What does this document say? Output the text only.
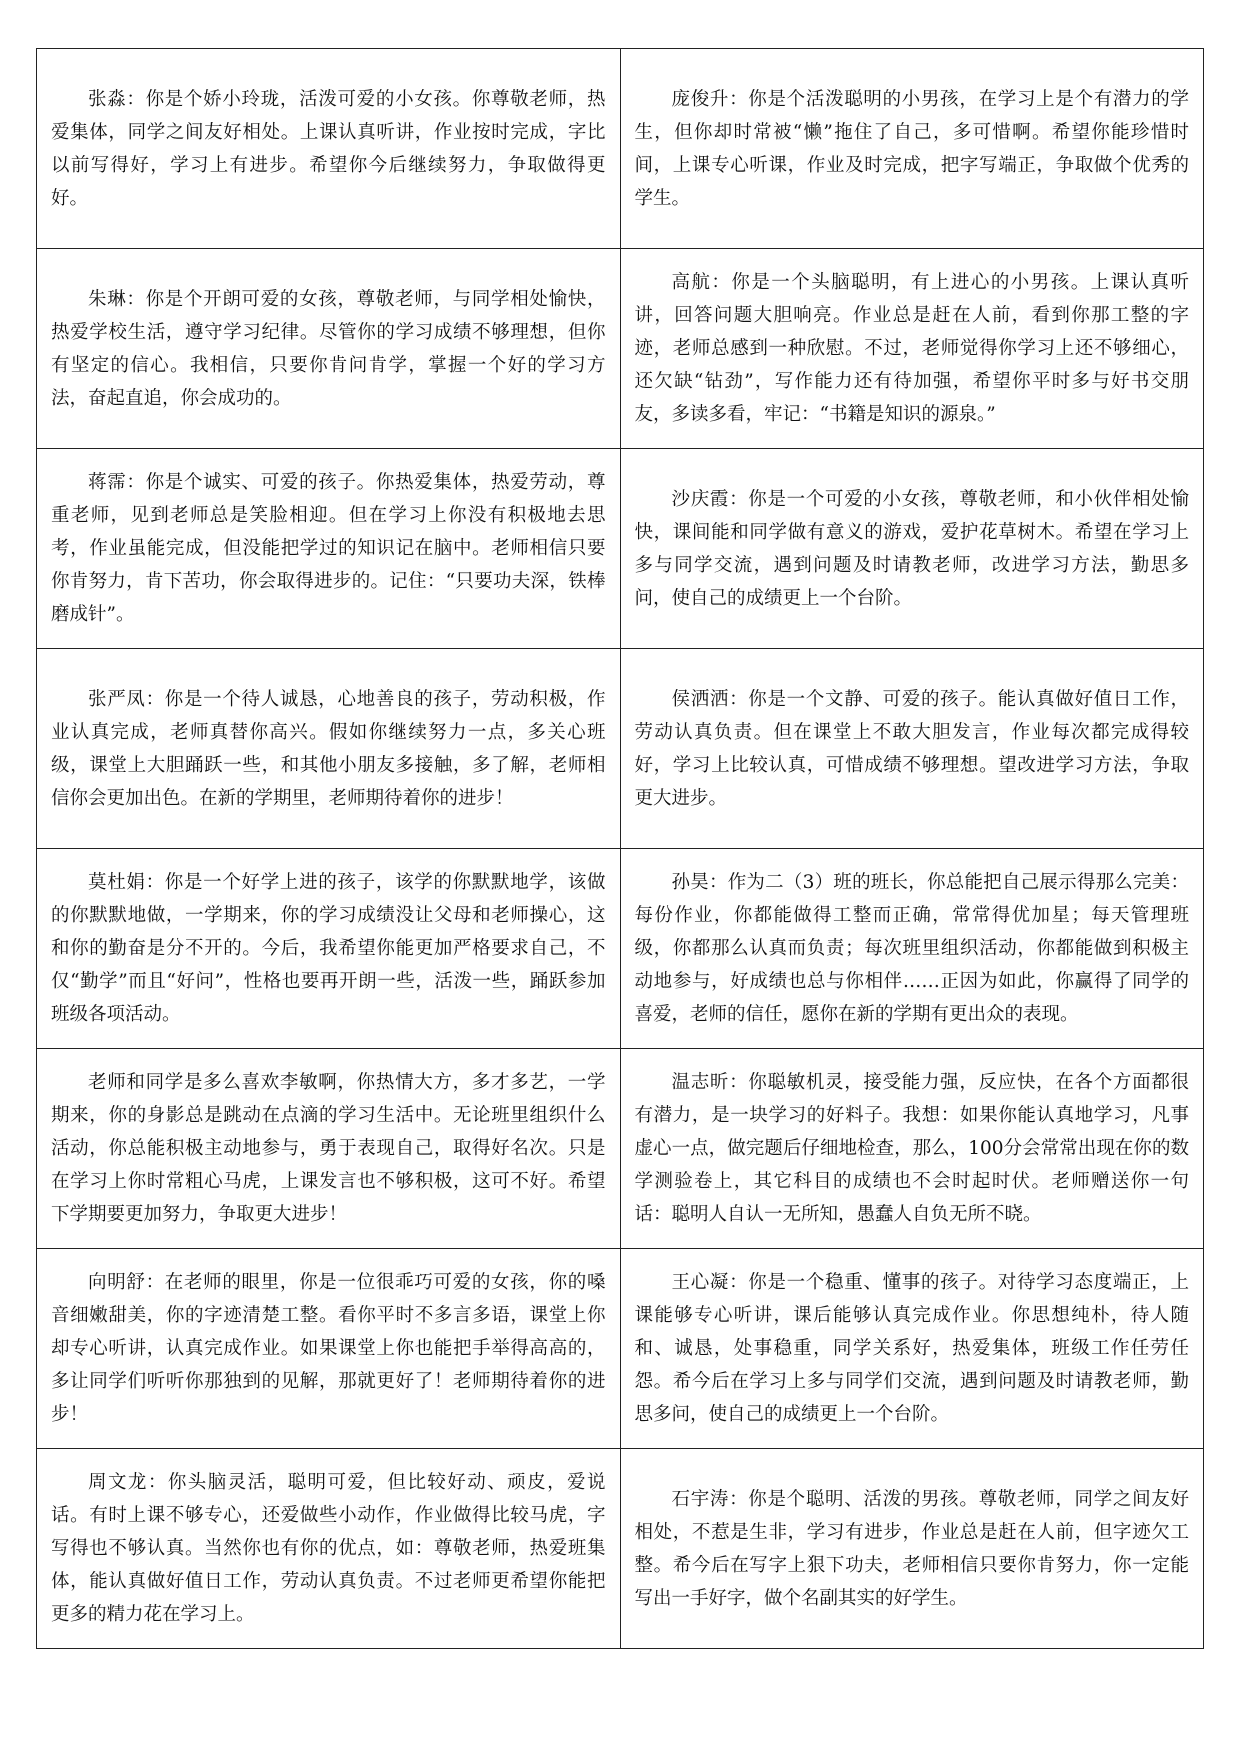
张淼：你是个娇小玲珑，活泼可爱的小女孩。你尊敬老师，热爱集体，同学之间友好相处。上课认真听讲，作业按时完成，字比以前写得好，学习上有进步。希望你今后继续努力，争取做得更好。	庞俊升：你是个活泼聪明的小男孩，在学习上是个有潜力的学生，但你却时常被“懒”拖住了自己，多可惜啊。希望你能珍惜时间，上课专心听课，作业及时完成，把字写端正，争取做个优秀的学生。
朱琳：你是个开朗可爱的女孩，尊敬老师，与同学相处愉快，热爱学校生活，遵守学习纪律。尽管你的学习成绩不够理想，但你有坚定的信心。我相信，只要你肯问肯学，掌握一个好的学习方法，奋起直追，你会成功的。	高航：你是一个头脑聪明，有上进心的小男孩。上课认真听讲，回答问题大胆响亮。作业总是赶在人前，看到你那工整的字迹，老师总感到一种欣慰。不过，老师觉得你学习上还不够细心，还欠缺“钻劲”，写作能力还有待加强，希望你平时多与好书交朋友，多读多看，牢记：“书籍是知识的源泉。”
蒋霈：你是个诚实、可爱的孩子。你热爱集体，热爱劳动，尊重老师，见到老师总是笑脸相迎。但在学习上你没有积极地去思考，作业虽能完成，但没能把学过的知识记在脑中。老师相信只要你肯努力，肯下苦功，你会取得进步的。记住：“只要功夫深，铁棒磨成针”。	沙庆霞：你是一个可爱的小女孩，尊敬老师，和小伙伴相处愉快，课间能和同学做有意义的游戏，爱护花草树木。希望在学习上多与同学交流，遇到问题及时请教老师，改进学习方法，勤思多问，使自己的成绩更上一个台阶。
张严凤：你是一个待人诚恳，心地善良的孩子，劳动积极，作业认真完成，老师真替你高兴。假如你继续努力一点，多关心班级，课堂上大胆踊跃一些，和其他小朋友多接触，多了解，老师相信你会更加出色。在新的学期里，老师期待着你的进步！	侯洒洒：你是一个文静、可爱的孩子。能认真做好值日工作，劳动认真负责。但在课堂上不敢大胆发言，作业每次都完成得较好，学习上比较认真，可惜成绩不够理想。望改进学习方法，争取更大进步。
莫杜娟：你是一个好学上进的孩子，该学的你默默地学，该做的你默默地做，一学期来，你的学习成绩没让父母和老师操心，这和你的勤奋是分不开的。今后，我希望你能更加严格要求自己，不仅“勤学”而且“好问”，性格也要再开朗一些，活泼一些，踊跃参加班级各项活动。	孙昊：作为二（3）班的班长，你总能把自己展示得那么完美：每份作业，你都能做得工整而正确，常常得优加星；每天管理班级，你都那么认真而负责；每次班里组织活动，你都能做到积极主动地参与，好成绩也总与你相伴……正因为如此，你赢得了同学的喜爱，老师的信任，愿你在新的学期有更出众的表现。
老师和同学是多么喜欢李敏啊，你热情大方，多才多艺，一学期来，你的身影总是跳动在点滴的学习生活中。无论班里组织什么活动，你总能积极主动地参与，勇于表现自己，取得好名次。只是在学习上你时常粗心马虎，上课发言也不够积极，这可不好。希望下学期要更加努力，争取更大进步！	温志昕：你聪敏机灵，接受能力强，反应快，在各个方面都很有潜力，是一块学习的好料子。我想：如果你能认真地学习，凡事虚心一点，做完题后仔细地检查，那么，100分会常常出现在你的数学测验卷上，其它科目的成绩也不会时起时伏。老师赠送你一句话：聪明人自认一无所知，愚蠢人自负无所不晓。
向明舒：在老师的眼里，你是一位很乖巧可爱的女孩，你的嗓音细嫩甜美，你的字迹清楚工整。看你平时不多言多语，课堂上你却专心听讲，认真完成作业。如果课堂上你也能把手举得高高的，多让同学们听听你那独到的见解，那就更好了！老师期待着你的进步！	王心凝：你是一个稳重、懂事的孩子。对待学习态度端正，上课能够专心听讲，课后能够认真完成作业。你思想纯朴，待人随和、诚恳，处事稳重，同学关系好，热爱集体，班级工作任劳任怨。希今后在学习上多与同学们交流，遇到问题及时请教老师，勤思多问，使自己的成绩更上一个台阶。
周文龙：你头脑灵活，聪明可爱，但比较好动、顽皮，爱说话。有时上课不够专心，还爱做些小动作，作业做得比较马虎，字写得也不够认真。当然你也有你的优点，如：尊敬老师，热爱班集体，能认真做好值日工作，劳动认真负责。不过老师更希望你能把更多的精力花在学习上。	石宇涛：你是个聪明、活泼的男孩。尊敬老师，同学之间友好相处，不惹是生非，学习有进步，作业总是赶在人前，但字迹欠工整。希今后在写字上狠下功夫，老师相信只要你肯努力，你一定能写出一手好字，做个名副其实的好学生。
